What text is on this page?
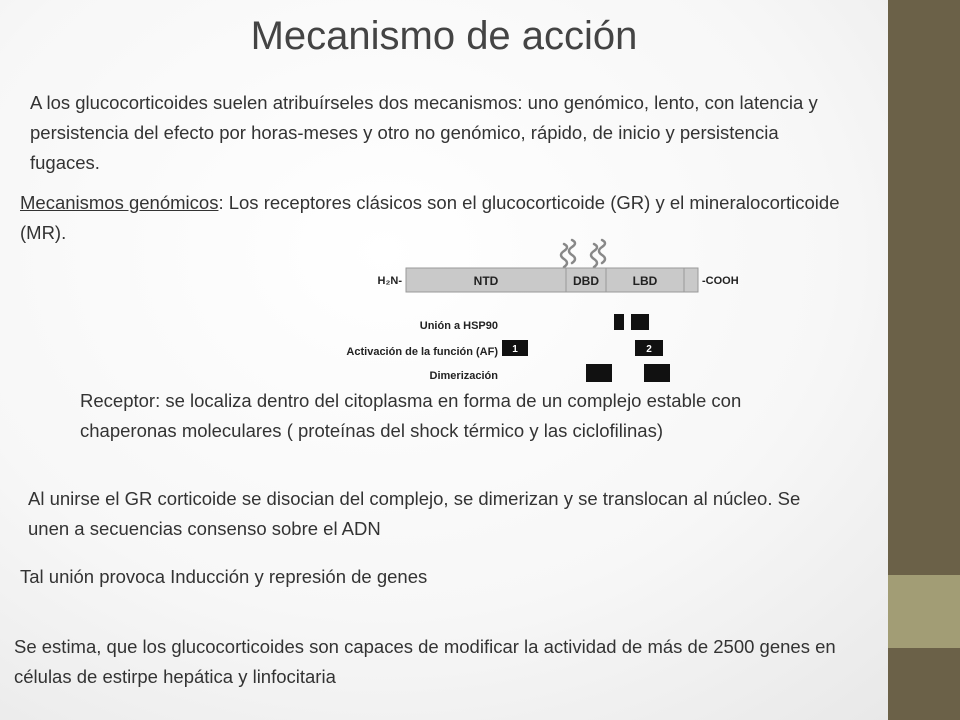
Mecanismo de acción
A los glucocorticoides suelen atribuírseles dos mecanismos: uno genómico, lento, con latencia y persistencia del efecto por horas-meses y otro no genómico, rápido, de inicio y persistencia fugaces.
Mecanismos genómicos: Los receptores clásicos son el glucocorticoide (GR) y el mineralocorticoide (MR).
H₂N-	-COOH
NTD	DBD	LBD
Unión a HSP90
Activación de la función (AF)
Dimerización
1	2
Receptor: se localiza dentro del citoplasma en forma de un complejo estable con chaperonas moleculares ( proteínas del shock térmico y las ciclofilinas)
Al unirse el GR corticoide se disocian del complejo, se dimerizan y se translocan al núcleo. Se unen a secuencias consenso sobre el ADN
Tal unión provoca Inducción y represión de genes
Se estima, que los glucocorticoides son capaces de modificar la actividad de más de 2500 genes en células de estirpe hepática y linfocitaria
